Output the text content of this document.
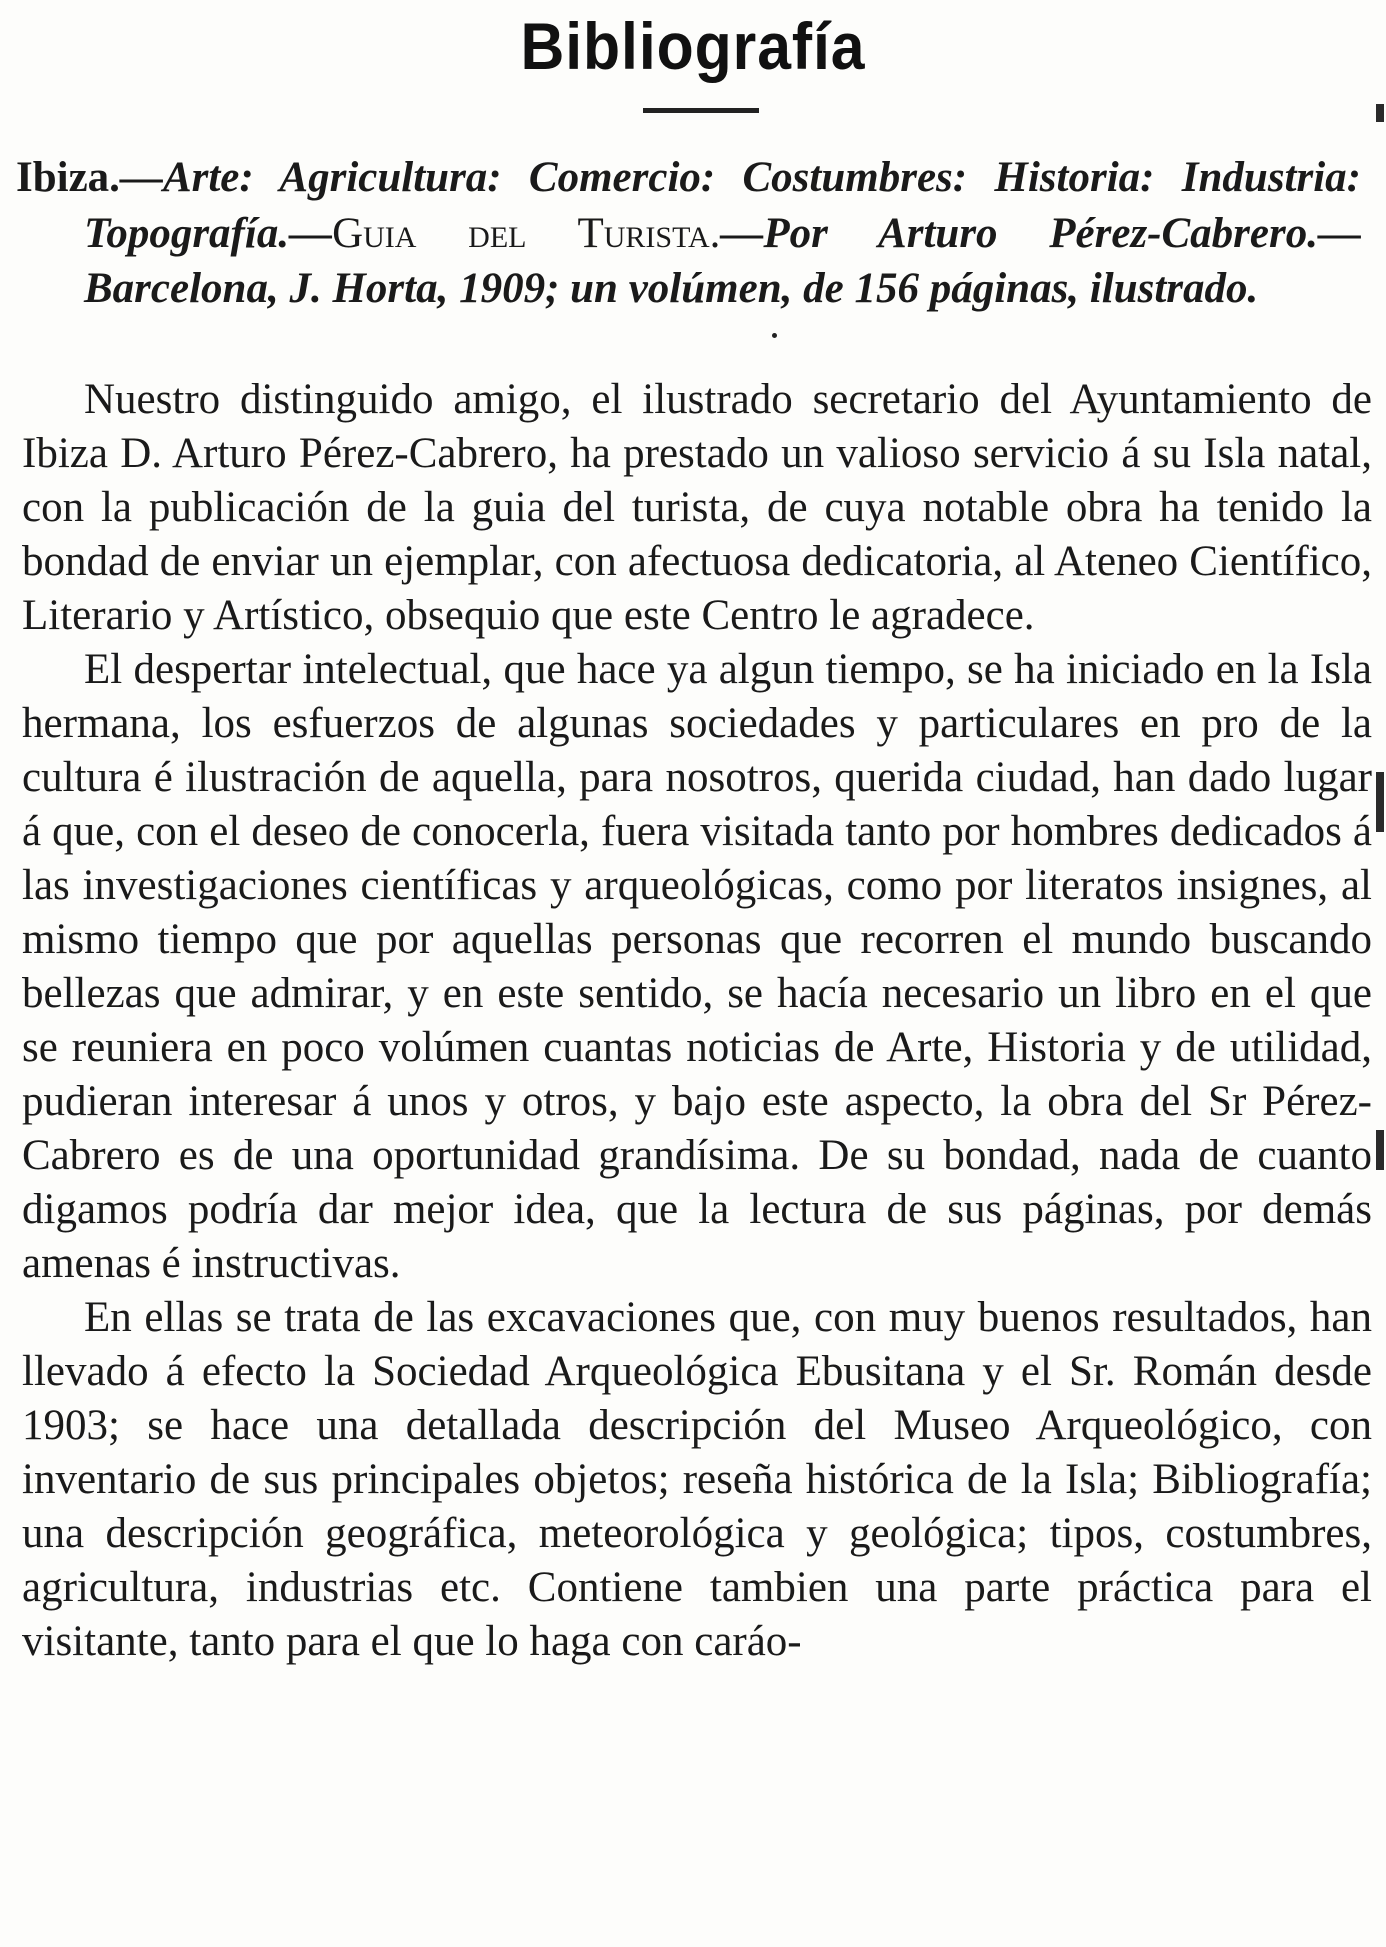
Bibliografía
Ibiza.—Arte: Agricultura: Comercio: Costumbres: Historia: Industria: Topografía.—Guia del Turista.—Por Arturo Pérez-Cabrero.—Barcelona, J. Horta, 1909; un volúmen, de 156 páginas, ilustrado.

Nuestro distinguido amigo, el ilustrado secretario del Ayuntamiento de Ibiza D. Arturo Pérez-Cabrero, ha prestado un valioso servicio á su Isla natal, con la publicación de la guia del turista, de cuya notable obra ha tenido la bondad de enviar un ejemplar, con afectuosa dedicatoria, al Ateneo Científico, Literario y Artístico, obsequio que este Centro le agradece.

El despertar intelectual, que hace ya algun tiempo, se ha iniciado en la Isla hermana, los esfuerzos de algunas sociedades y particulares en pro de la cultura é ilustración de aquella, para nosotros, querida ciudad, han dado lugar á que, con el deseo de conocerla, fuera visitada tanto por hombres dedicados á las investigaciones científicas y arqueológicas, como por literatos insignes, al mismo tiempo que por aquellas personas que recorren el mundo buscando bellezas que admirar, y en este sentido, se hacía necesario un libro en el que se reuniera en poco volúmen cuantas noticias de Arte, Historia y de utilidad, pudieran interesar á unos y otros, y bajo este aspecto, la obra del Sr Pérez-Cabrero es de una oportunidad grandísima. De su bondad, nada de cuanto digamos podría dar mejor idea, que la lectura de sus páginas, por demás amenas é instructivas.

En ellas se trata de las excavaciones que, con muy buenos resultados, han llevado á efecto la Sociedad Arqueológica Ebusitana y el Sr. Román desde 1903; se hace una detallada descripción del Museo Arqueológico, con inventario de sus principales objetos; reseña histórica de la Isla; Bibliografía; una descripción geográfica, meteorológica y geológica; tipos, costumbres, agricultura, industrias etc. Contiene tambien una parte práctica para el visitante, tanto para el que lo haga con caráo-
